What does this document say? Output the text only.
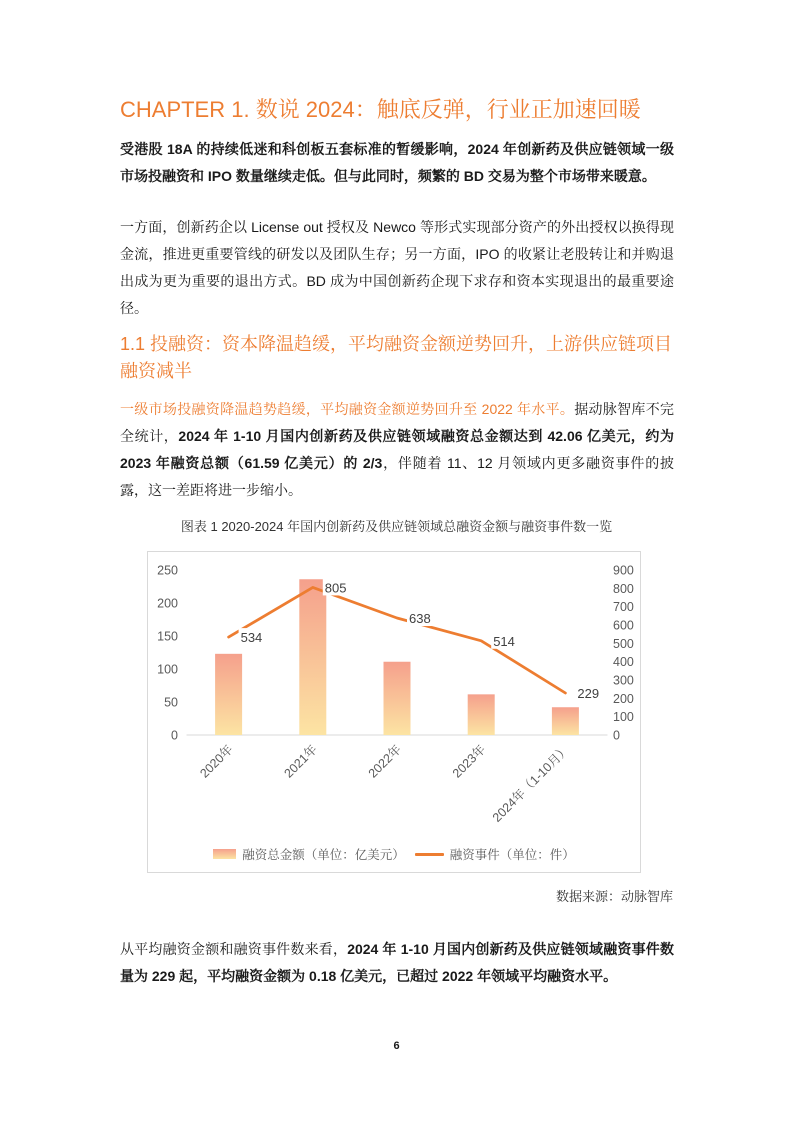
CHAPTER 1. 数说 2024：触底反弹，行业正加速回暖

受港股 18A 的持续低迷和科创板五套标准的暂缓影响，2024 年创新药及供应链领域一级市场投融资和 IPO 数量继续走低。但与此同时，频繁的 BD 交易为整个市场带来暖意。

一方面，创新药企以 License out 授权及 Newco 等形式实现部分资产的外出授权以换得现金流，推进更重要管线的研发以及团队生存；另一方面，IPO 的收紧让老股转让和并购退出成为更为重要的退出方式。BD 成为中国创新药企现下求存和资本实现退出的最重要途径。

1.1 投融资：资本降温趋缓，平均融资金额逆势回升，上游供应链项目融资减半

一级市场投融资降温趋势趋缓，平均融资金额逆势回升至 2022 年水平。据动脉智库不完全统计，2024 年 1-10 月国内创新药及供应链领域融资总金额达到 42.06 亿美元，约为 2023 年融资总额（61.59 亿美元）的 2/3，伴随着 11、12 月领域内更多融资事件的披露，这一差距将进一步缩小。

图表 1 2020-2024 年国内创新药及供应链领域总融资金额与融资事件数一览

0
50
100
150
200
250
0
100
200
300
400
500
600
700
800
900
534
805
638
514
229
2020年	2021年	2022年	2023年 2024年（1-10月）
融资总金额（单位：亿美元）	融资事件（单位：件）

数据来源：动脉智库

从平均融资金额和融资事件数来看，2024 年 1-10 月国内创新药及供应链领域融资事件数量为 229 起，平均融资金额为 0.18 亿美元，已超过 2022 年领域平均融资水平。

6
